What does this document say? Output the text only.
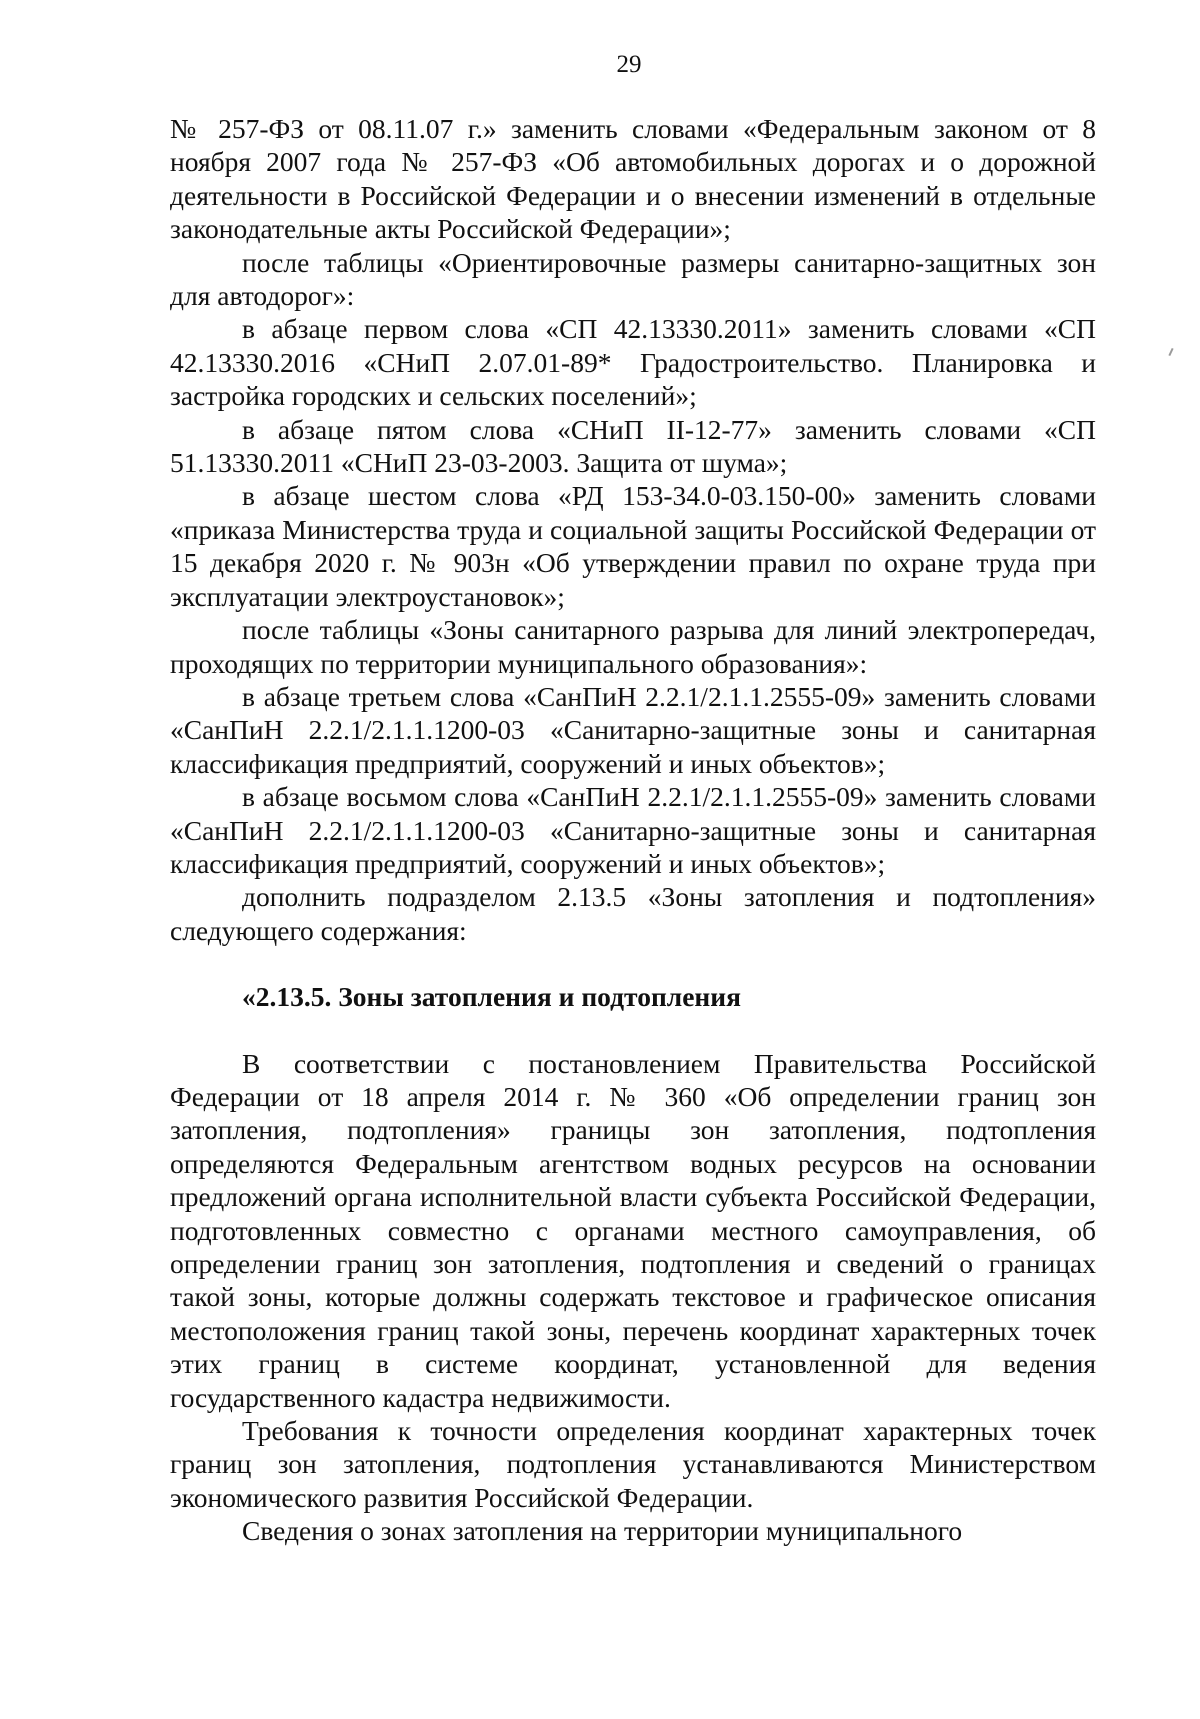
29

№ 257-ФЗ от 08.11.07 г.» заменить словами «Федеральным законом от 8 ноября 2007 года № 257-ФЗ «Об автомобильных дорогах и о дорожной деятельности в Российской Федерации и о внесении изменений в отдельные законодательные акты Российской Федерации»;

после таблицы «Ориентировочные размеры санитарно-защитных зон для автодорог»:

в абзаце первом слова «СП 42.13330.2011» заменить словами «СП 42.13330.2016 «СНиП 2.07.01-89* Градостроительство. Планировка и застройка городских и сельских поселений»;

в абзаце пятом слова «СНиП II-12-77» заменить словами «СП 51.13330.2011 «СНиП 23-03-2003. Защита от шума»;

в абзаце шестом слова «РД 153-34.0-03.150-00» заменить словами «приказа Министерства труда и социальной защиты Российской Федерации от 15 декабря 2020 г. № 903н «Об утверждении правил по охране труда при эксплуатации электроустановок»;

после таблицы «Зоны санитарного разрыва для линий электропередач, проходящих по территории муниципального образования»:

в абзаце третьем слова «СанПиН 2.2.1/2.1.1.2555-09» заменить словами «СанПиН 2.2.1/2.1.1.1200-03 «Санитарно-защитные зоны и санитарная классификация предприятий, сооружений и иных объектов»;

в абзаце восьмом слова «СанПиН 2.2.1/2.1.1.2555-09» заменить словами «СанПиН 2.2.1/2.1.1.1200-03 «Санитарно-защитные зоны и санитарная классификация предприятий, сооружений и иных объектов»;

дополнить подразделом 2.13.5 «Зоны затопления и подтопления» следующего содержания:

«2.13.5. Зоны затопления и подтопления

В соответствии с постановлением Правительства Российской Федерации от 18 апреля 2014 г. № 360 «Об определении границ зон затопления, подтопления» границы зон затопления, подтопления определяются Федеральным агентством водных ресурсов на основании предложений органа исполнительной власти субъекта Российской Федерации, подготовленных совместно с органами местного самоуправления, об определении границ зон затопления, подтопления и сведений о границах такой зоны, которые должны содержать текстовое и графическое описания местоположения границ такой зоны, перечень координат характерных точек этих границ в системе координат, установленной для ведения государственного кадастра недвижимости.

Требования к точности определения координат характерных точек границ зон затопления, подтопления устанавливаются Министерством экономического развития Российской Федерации.

Сведения о зонах затопления на территории муниципального
